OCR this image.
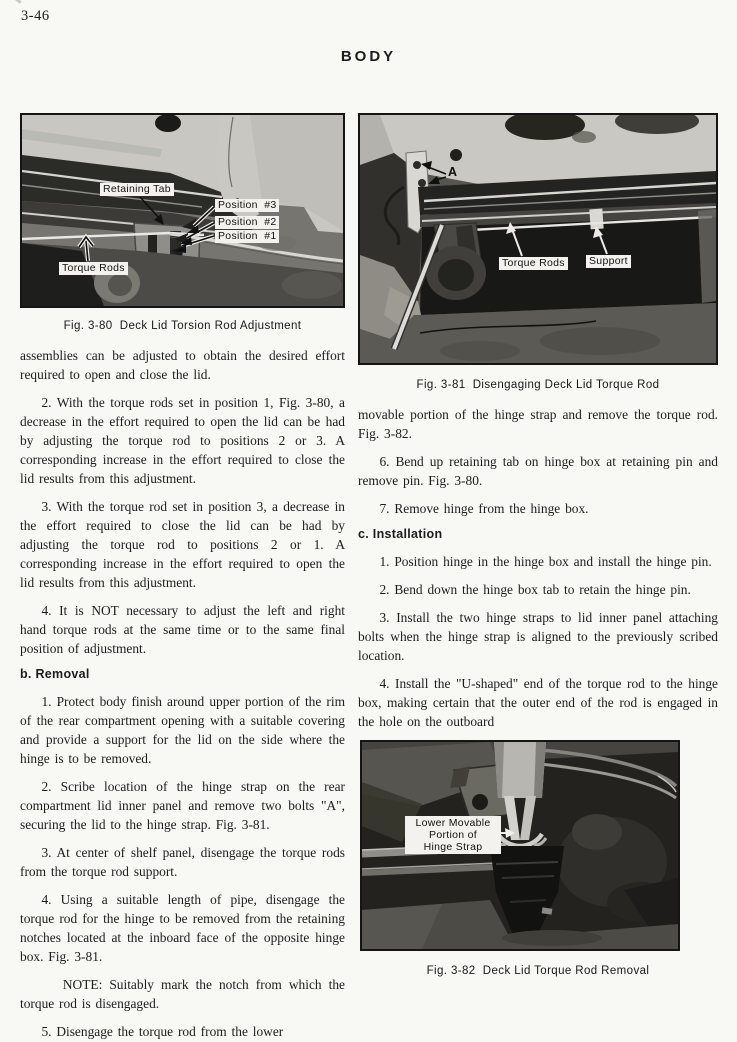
3-46
BODY
Retaining Tab
Position  #3
Position  #2
Position  #1
Torque Rods
Fig. 3-80  Deck Lid Torsion Rod Adjustment

assemblies can be adjusted to obtain the desired effort required to open and close the lid.

2. With the torque rods set in position 1, Fig. 3-80, a decrease in the effort required to open the lid can be had by adjusting the torque rod to positions 2 or 3. A corresponding increase in the effort required to close the lid results from this adjustment.

3. With the torque rod set in position 3, a decrease in the effort required to close the lid can be had by adjusting the torque rod to positions 2 or 1. A corresponding increase in the effort required to open the lid results from this adjustment.

4. It is NOT necessary to adjust the left and right hand torque rods at the same time or to the same final position of adjustment.

b. Removal

1. Protect body finish around upper portion of the rim of the rear compartment opening with a suitable covering and provide a support for the lid on the side where the hinge is to be removed.

2. Scribe location of the hinge strap on the rear compartment lid inner panel and remove two bolts "A", securing the lid to the hinge strap. Fig. 3-81.

3. At center of shelf panel, disengage the torque rods from the torque rod support.

4. Using a suitable length of pipe, disengage the torque rod for the hinge to be removed from the retaining notches located at the inboard face of the opposite hinge box. Fig. 3-81.

NOTE: Suitably mark the notch from which the torque rod is disengaged.

5. Disengage the torque rod from the lower

A
Torque Rods Support
Fig. 3-81  Disengaging Deck Lid Torque Rod

movable portion of the hinge strap and remove the torque rod. Fig. 3-82.

6. Bend up retaining tab on hinge box at retaining pin and remove pin. Fig. 3-80.

7. Remove hinge from the hinge box.

c. Installation

1. Position hinge in the hinge box and install the hinge pin.

2. Bend down the hinge box tab to retain the hinge pin.

3. Install the two hinge straps to lid inner panel attaching bolts when the hinge strap is aligned to the previously scribed location.

4. Install the "U-shaped" end of the torque rod to the hinge box, making certain that the outer end of the rod is engaged in the hole on the outboard

Lower Movable
Portion of
Hinge Strap
Fig. 3-82  Deck Lid Torque Rod Removal
